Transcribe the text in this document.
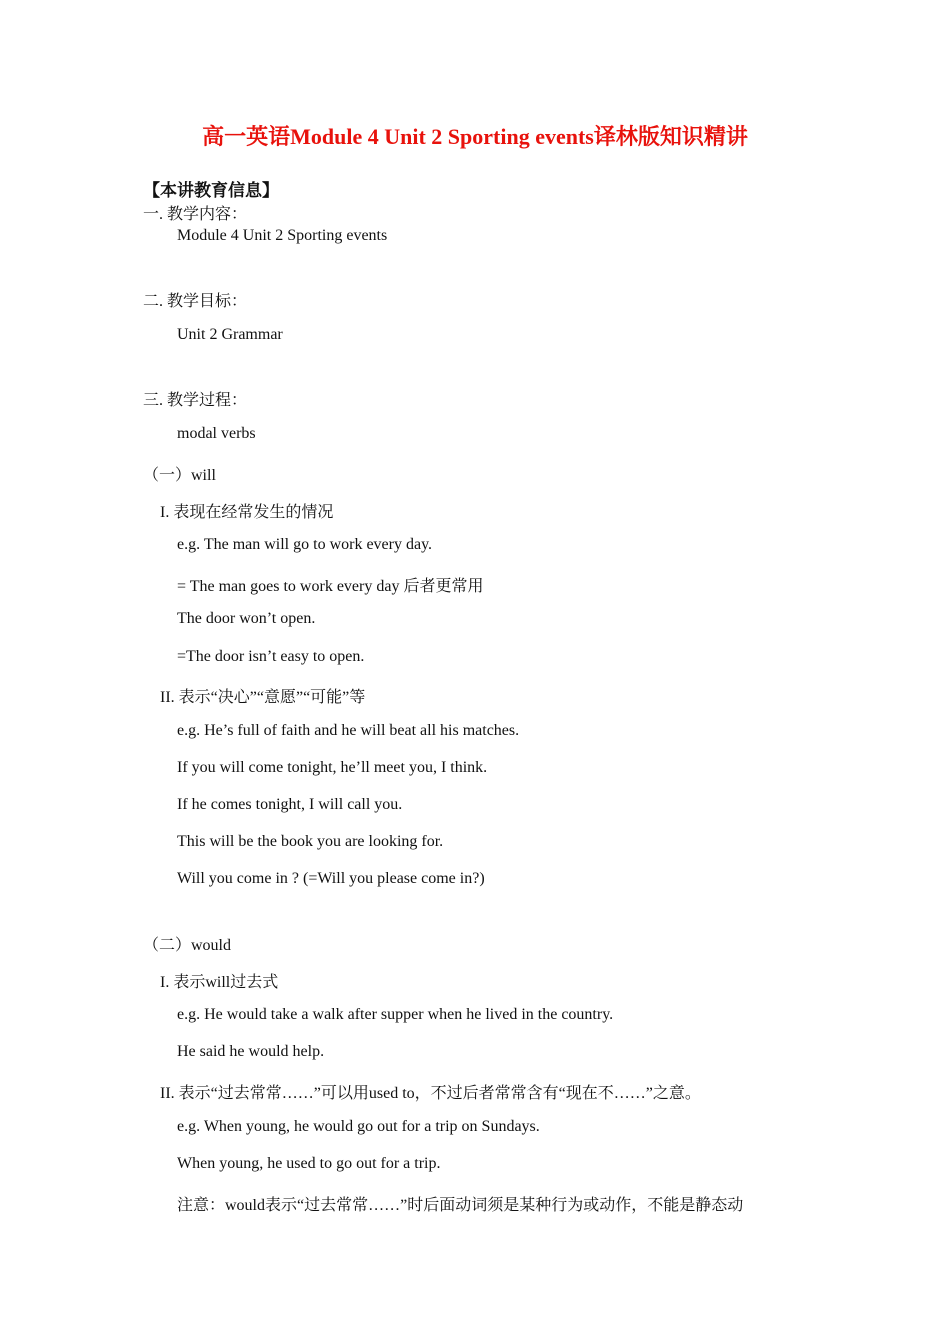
高一英语Module 4 Unit 2 Sporting events译林版知识精讲
【本讲教育信息】
一. 教学内容：
Module 4 Unit 2 Sporting events
二. 教学目标：
Unit 2 Grammar
三. 教学过程：
modal verbs
（一）will
I. 表现在经常发生的情况
e.g. The man will go to work every day.
= The man goes to work every day 后者更常用
The door won’t open.
=The door isn’t easy to open.
II. 表示“决心”“意愿”“可能”等
e.g. He’s full of faith and he will beat all his matches.
If you will come tonight, he’ll meet you, I think.
If he comes tonight, I will call you.
This will be the book you are looking for.
Will you come in ? (=Will you please come in?)
（二）would
I. 表示will过去式
e.g. He would take a walk after supper when he lived in the country.
He said he would help.
II. 表示“过去常常……”可以用used to，不过后者常常含有“现在不……”之意。
e.g. When young, he would go out for a trip on Sundays.
When young, he used to go out for a trip.
注意：would表示“过去常常……”时后面动词须是某种行为或动作，不能是静态动
